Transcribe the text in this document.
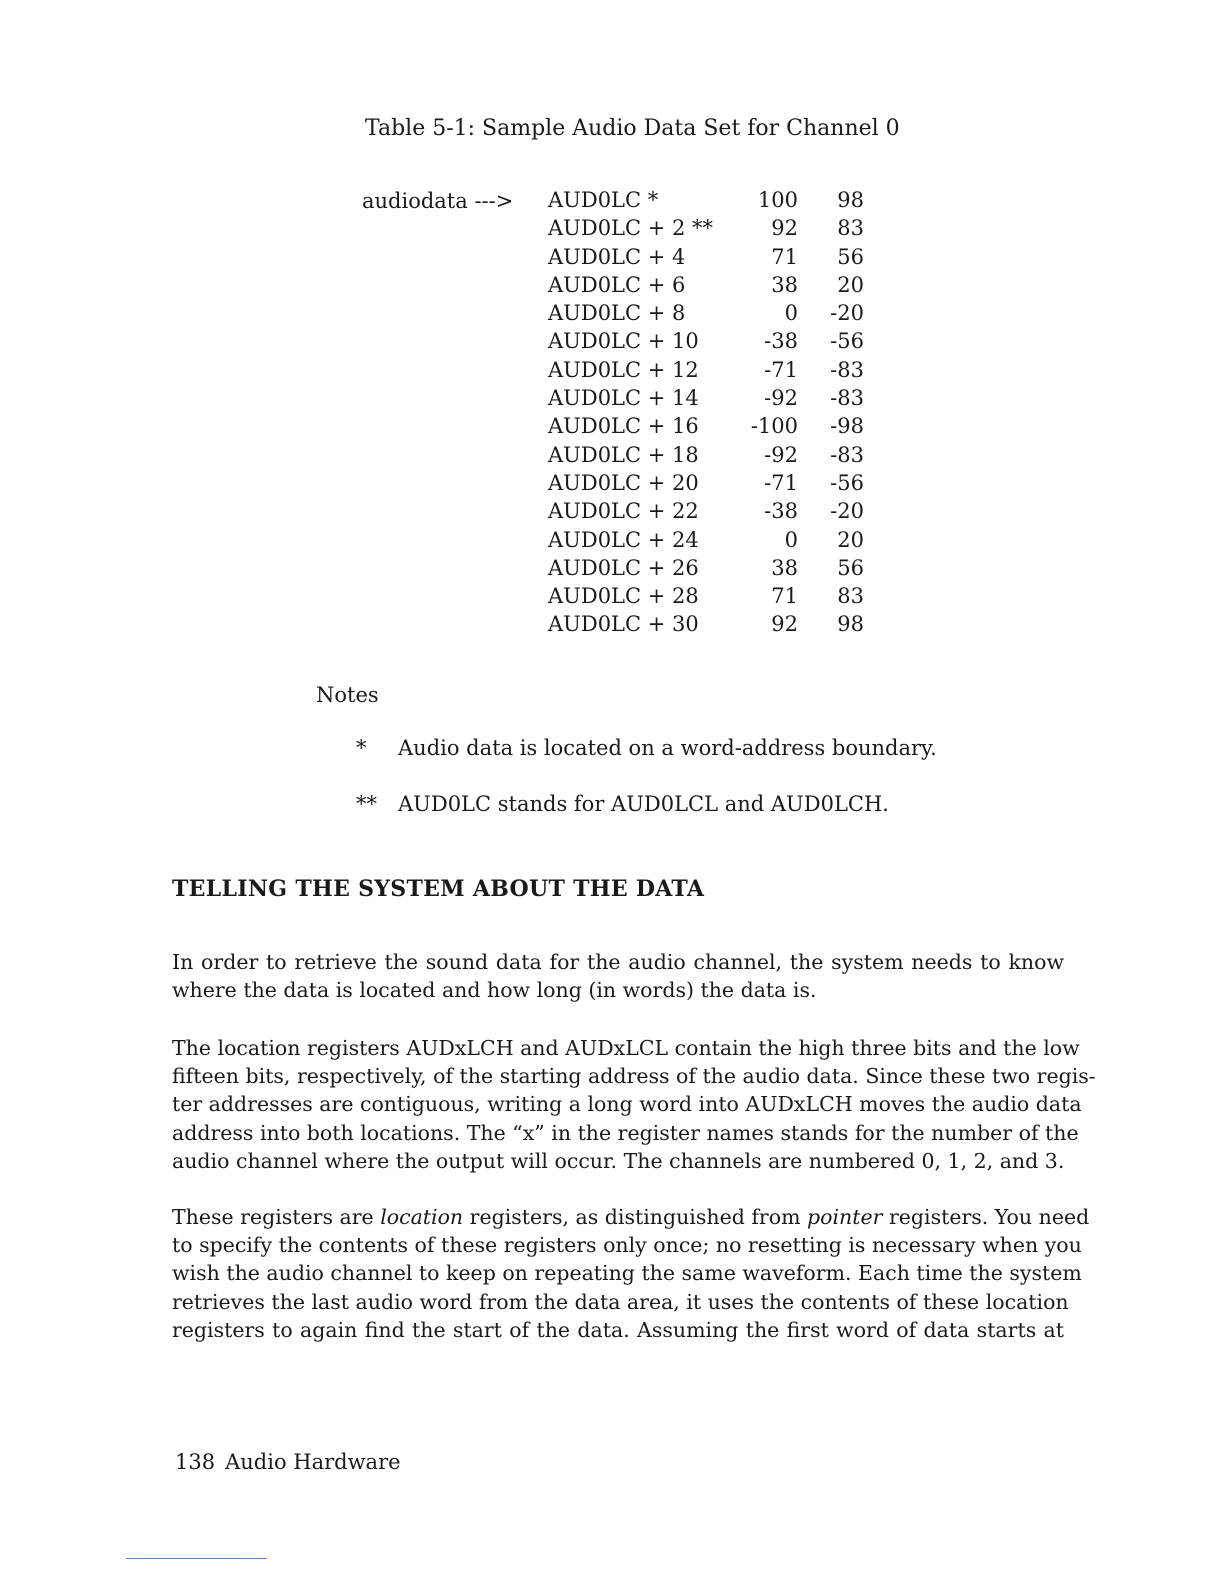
Table 5-1: Sample Audio Data Set for Channel 0
audiodata ---> AUD0LC *	100	98
AUD0LC + 2 **	92	83
AUD0LC + 4	71	56
AUD0LC + 6	38	20
AUD0LC + 8	0	-20
AUD0LC + 10	-38	-56
AUD0LC + 12	-71	-83
AUD0LC + 14	-92	-83
AUD0LC + 16	-100	-98
AUD0LC + 18	-92	-83
AUD0LC + 20	-71	-56
AUD0LC + 22	-38	-20
AUD0LC + 24	0	20
AUD0LC + 26	38	56
AUD0LC + 28	71	83
AUD0LC + 30	92	98
Notes
* Audio data is located on a word-address boundary.
** AUD0LC stands for AUD0LCL and AUD0LCH.
TELLING THE SYSTEM ABOUT THE DATA
In order to retrieve the sound data for the audio channel, the system needs to know
where the data is located and how long (in words) the data is.
The location registers AUDxLCH and AUDxLCL contain the high three bits and the low
fifteen bits, respectively, of the starting address of the audio data. Since these two regis-
ter addresses are contiguous, writing a long word into AUDxLCH moves the audio data
address into both locations. The “x” in the register names stands for the number of the
audio channel where the output will occur. The channels are numbered 0, 1, 2, and 3.
These registers are location registers, as distinguished from pointer registers. You need
to specify the contents of these registers only once; no resetting is necessary when you
wish the audio channel to keep on repeating the same waveform. Each time the system
retrieves the last audio word from the data area, it uses the contents of these location
registers to again find the start of the data. Assuming the first word of data starts at
138 Audio Hardware
